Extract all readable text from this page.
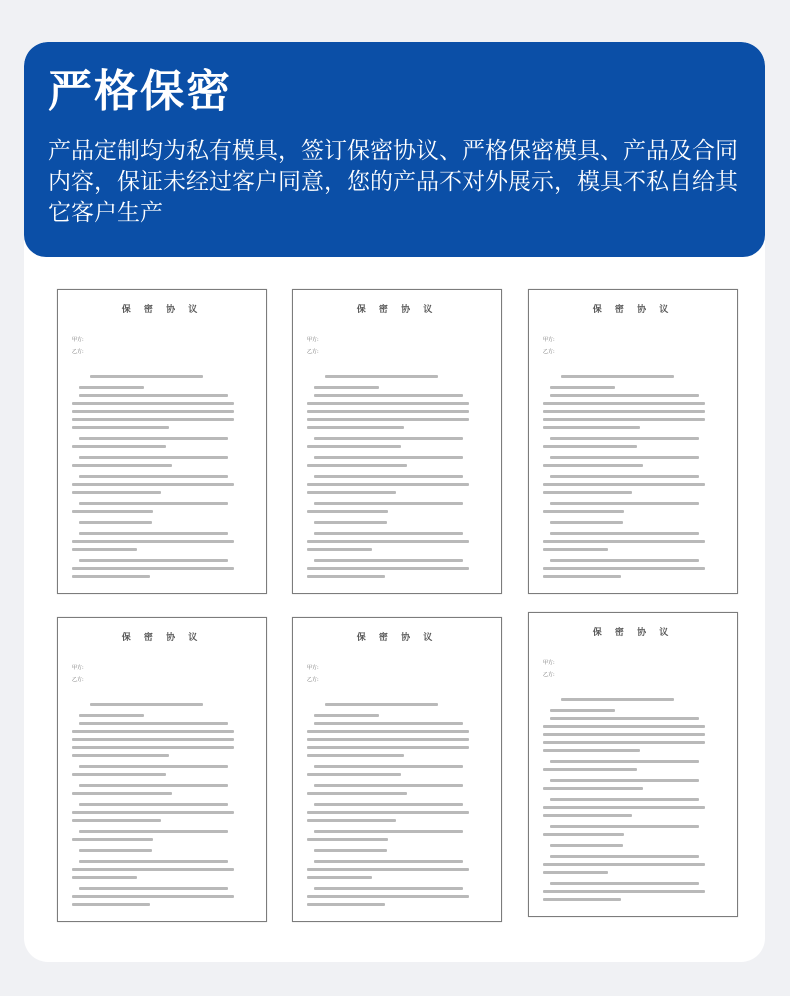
严格保密
产品定制均为私有模具，签订保密协议、严格保密模具、产品及合同内容，保证未经过客户同意，您的产品不对外展示，模具不私自给其它客户生产
保 密 协 议
甲方:
乙方:
保 密 协 议
甲方:
乙方:
保 密 协 议
甲方:
乙方:
保 密 协 议
甲方:
乙方:
保 密 协 议
甲方:
乙方:
保 密 协 议
甲方:
乙方:
